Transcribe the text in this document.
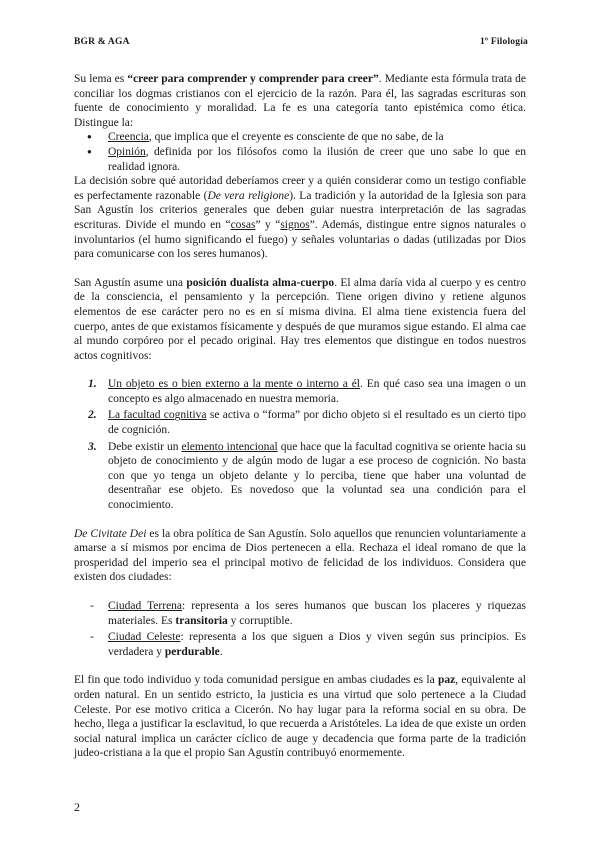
BGR & AGA	1º Filología

Su lema es “creer para comprender y comprender para creer”. Mediante esta fórmula trata de conciliar los dogmas cristianos con el ejercicio de la razón. Para él, las sagradas escrituras son fuente de conocimiento y moralidad. La fe es una categoría tanto epistémica como ética. Distingue la:

● Creencia, que implica que el creyente es consciente de que no sabe, de la
● Opinión, definida por los filósofos como la ilusión de creer que uno sabe lo que en realidad ignora.

La decisión sobre qué autoridad deberíamos creer y a quién considerar como un testigo confiable es perfectamente razonable (De vera religione). La tradición y la autoridad de la Iglesia son para San Agustín los criterios generales que deben guiar nuestra interpretación de las sagradas escrituras. Divide el mundo en “cosas” y “signos”. Además, distingue entre signos naturales o involuntarios (el humo significando el fuego) y señales voluntarias o dadas (utilizadas por Dios para comunicarse con los seres humanos).

San Agustín asume una posición dualista alma-cuerpo. El alma daría vida al cuerpo y es centro de la consciencia, el pensamiento y la percepción. Tiene origen divino y retiene algunos elementos de ese carácter pero no es en sí misma divina. El alma tiene existencia fuera del cuerpo, antes de que existamos físicamente y después de que muramos sigue estando. El alma cae al mundo corpóreo por el pecado original. Hay tres elementos que distingue en todos nuestros actos cognitivos:

1. Un objeto es o bien externo a la mente o interno a él. En qué caso sea una imagen o un concepto es algo almacenado en nuestra memoria.
2. La facultad cognitiva se activa o “forma” por dicho objeto si el resultado es un cierto tipo de cognición.
3. Debe existir un elemento intencional que hace que la facultad cognitiva se oriente hacia su objeto de conocimiento y de algún modo de lugar a ese proceso de cognición. No basta con que yo tenga un objeto delante y lo perciba, tiene que haber una voluntad de desentrañar ese objeto. Es novedoso que la voluntad sea una condición para el conocimiento.

De Civitate Dei es la obra política de San Agustín. Solo aquellos que renuncien voluntariamente a amarse a sí mismos por encima de Dios pertenecen a ella. Rechaza el ideal romano de que la prosperidad del imperio sea el principal motivo de felicidad de los individuos. Considera que existen dos ciudades:

- Ciudad Terrena: representa a los seres humanos que buscan los placeres y riquezas materiales. Es transitoria y corruptible.
- Ciudad Celeste: representa a los que siguen a Dios y viven según sus principios. Es verdadera y perdurable.

El fin que todo individuo y toda comunidad persigue en ambas ciudades es la paz, equivalente al orden natural. En un sentido estricto, la justicia es una virtud que solo pertenece a la Ciudad Celeste. Por ese motivo critica a Cicerón. No hay lugar para la reforma social en su obra. De hecho, llega a justificar la esclavitud, lo que recuerda a Aristóteles. La idea de que existe un orden social natural implica un carácter cíclico de auge y decadencia que forma parte de la tradición judeo-cristiana a la que el propio San Agustín contribuyó enormemente.

2
